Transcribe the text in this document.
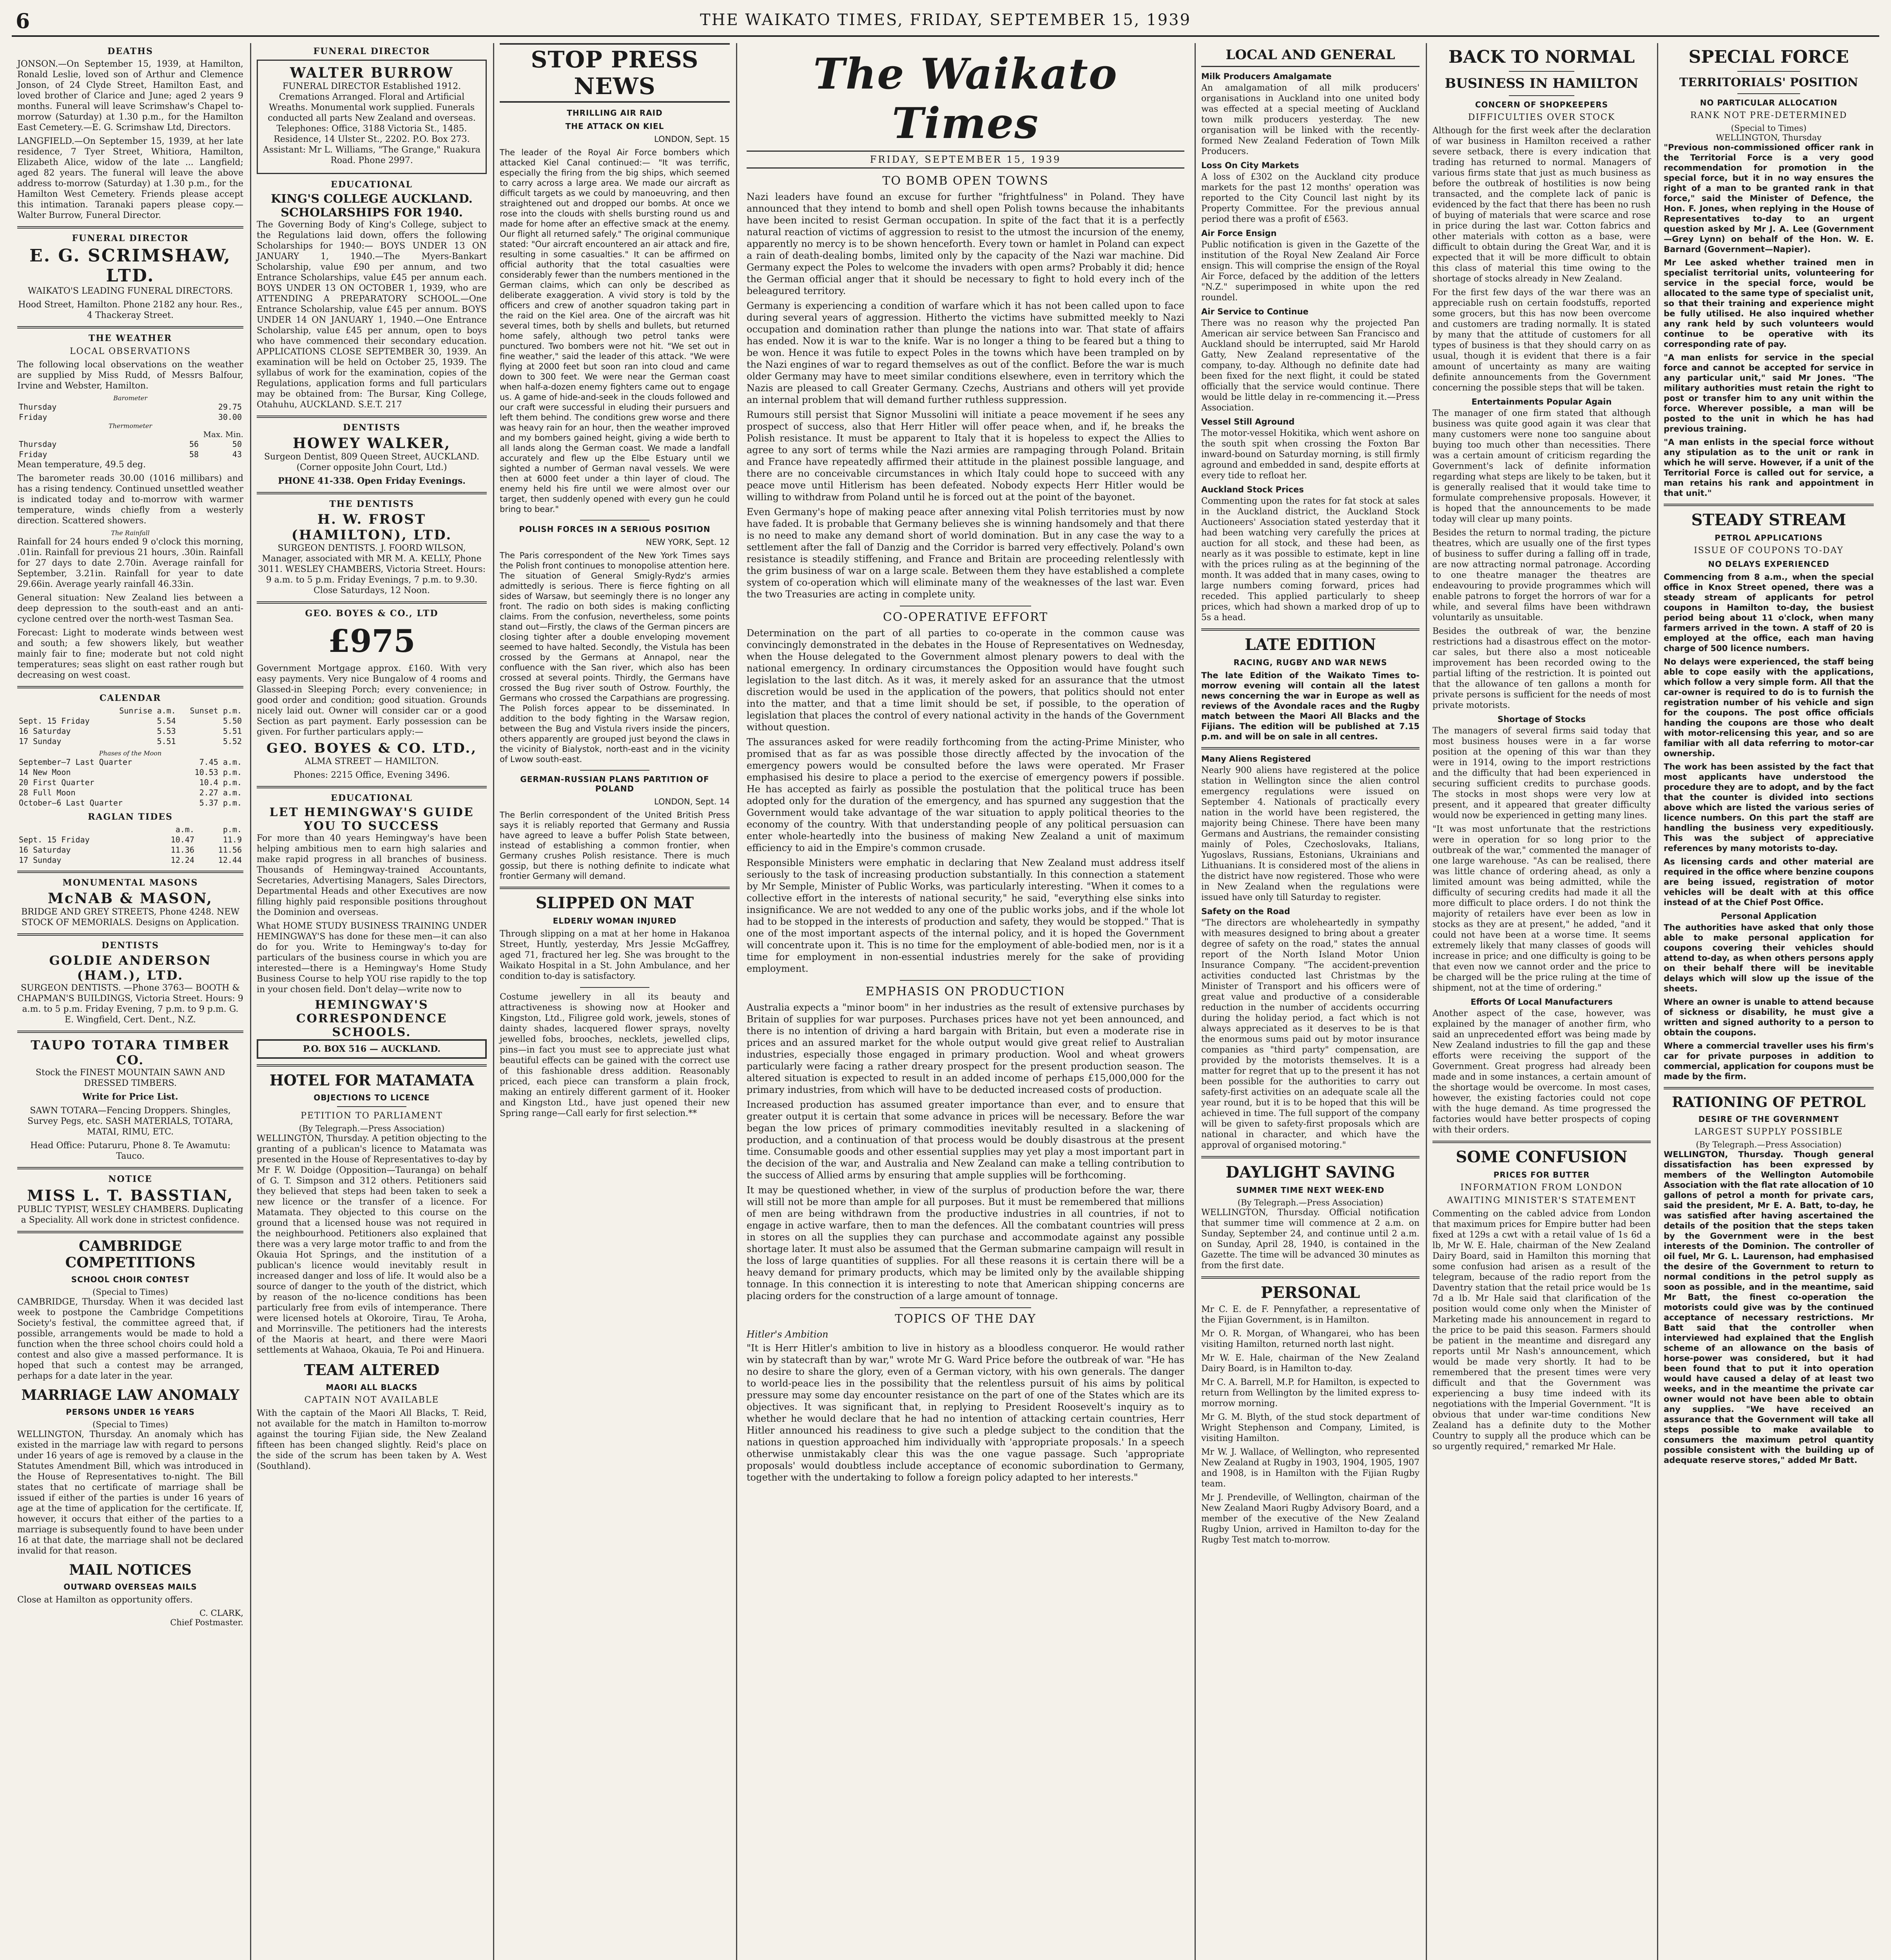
6	THE WAIKATO TIMES, FRIDAY, SEPTEMBER 15, 1939
DEATHS

JONSON.—On September 15, 1939, at Hamilton, Ronald Leslie, loved son of Arthur and Clemence Jonson, of 24 Clyde Street, Hamilton East, and loved brother of Clarice and June; aged 2 years 9 months. Funeral will leave Scrimshaw's Chapel to-morrow (Saturday) at 1.30 p.m., for the Hamilton East Cemetery.—E. G. Scrimshaw Ltd, Directors.

LANGFIELD.—On September 15, 1939, at her late residence, 7 Tyer Street, Whitiora, Hamilton, Elizabeth Alice, widow of the late ... Langfield; aged 82 years. The funeral will leave the above address to-morrow (Saturday) at 1.30 p.m., for the Hamilton West Cemetery. Friends please accept this intimation. Taranaki papers please copy.—Walter Burrow, Funeral Director.

FUNERAL DIRECTOR
E. G. SCRIMSHAW, LTD.

WAIKATO'S LEADING FUNERAL DIRECTORS.

Hood Street, Hamilton. Phone 2182 any hour. Res., 4 Thackeray Street.

THE WEATHER
LOCAL OBSERVATIONS

The following local observations on the weather are supplied by Miss Rudd, of Messrs Balfour, Irvine and Webster, Hamilton.

Barometer
Thursday	29.75
Friday	30.00
Thermometer
Max. Min.
Thursday	56	50
Friday	58	43

Mean temperature, 49.5 deg.

The barometer reads 30.00 (1016 millibars) and has a rising tendency. Continued unsettled weather is indicated today and to-morrow with warmer temperature, winds chiefly from a westerly direction. Scattered showers.

The Rainfall

Rainfall for 24 hours ended 9 o'clock this morning, .01in. Rainfall for previous 21 hours, .30in. Rainfall for 27 days to date 2.70in. Average rainfall for September, 3.21in. Rainfall for year to date 29.66in. Average yearly rainfall 46.33in.

General situation: New Zealand lies between a deep depression to the south-east and an anti-cyclone centred over the north-west Tasman Sea.

Forecast: Light to moderate winds between west and south; a few showers likely, but weather mainly fair to fine; moderate but not cold night temperatures; seas slight on east rather rough but decreasing on west coast.

CALENDAR
	Sunrise a.m.	Sunset p.m.
Sept. 15 Friday	5.54	5.50
16 Saturday	5.53	5.51
17 Sunday	5.51	5.52
Phases of the Moon
September—7 Last Quarter	7.45 a.m.
14 New Moon	10.53 p.m.
20 First Quarter	10.4 p.m.
28 Full Moon	2.27 a.m.
October—6 Last Quarter	5.37 p.m.
RAGLAN TIDES
	a.m.	p.m.
Sept. 15 Friday	10.47	11.9
16 Saturday	11.36	11.56
17 Sunday	12.24	12.44
MONUMENTAL MASONS
McNAB & MASON,

BRIDGE AND GREY STREETS, Phone 4248. NEW STOCK OF MEMORIALS. Designs on Application.

DENTISTS
GOLDIE ANDERSON (HAM.), LTD.

SURGEON DENTISTS. —Phone 3763— BOOTH & CHAPMAN'S BUILDINGS, Victoria Street. Hours: 9 a.m. to 5 p.m. Friday Evening, 7 p.m. to 9 p.m. G. E. Wingfield, Cert. Dent., N.Z.

TAUPO TOTARA TIMBER CO.

Stock the FINEST MOUNTAIN SAWN AND DRESSED TIMBERS.

Write for Price List.

SAWN TOTARA—Fencing Droppers. Shingles, Survey Pegs, etc. SASH MATERIALS, TOTARA, MATAI, RIMU, ETC.

Head Office: Putaruru, Phone 8. Te Awamutu: Tauco.

NOTICE
MISS L. T. BASSTIAN,

PUBLIC TYPIST, WESLEY CHAMBERS. Duplicating a Speciality. All work done in strictest confidence.

CAMBRIDGE COMPETITIONS
SCHOOL CHOIR CONTEST
(Special to Times)

CAMBRIDGE, Thursday. When it was decided last week to postpone the Cambridge Competitions Society's festival, the committee agreed that, if possible, arrangements would be made to hold a function when the three school choirs could hold a contest and also give a massed performance. It is hoped that such a contest may be arranged, perhaps for a date later in the year.

MARRIAGE LAW ANOMALY
PERSONS UNDER 16 YEARS
(Special to Times)

WELLINGTON, Thursday. An anomaly which has existed in the marriage law with regard to persons under 16 years of age is removed by a clause in the Statutes Amendment Bill, which was introduced in the House of Representatives to-night. The Bill states that no certificate of marriage shall be issued if either of the parties is under 16 years of age at the time of application for the certificate. If, however, it occurs that either of the parties to a marriage is subsequently found to have been under 16 at that date, the marriage shall not be declared invalid for that reason.

MAIL NOTICES
OUTWARD OVERSEAS MAILS

Close at Hamilton as opportunity offers.

C. CLARK,
Chief Postmaster.
FUNERAL DIRECTOR
WALTER BURROW

FUNERAL DIRECTOR Established 1912. Cremations Arranged. Floral and Artificial Wreaths. Monumental work supplied. Funerals conducted all parts New Zealand and overseas. Telephones: Office, 3188 Victoria St., 1485. Residence, 14 Ulster St., 2202. P.O. Box 273. Assistant: Mr L. Williams, "The Grange," Ruakura Road. Phone 2997.

EDUCATIONAL
KING'S COLLEGE AUCKLAND. SCHOLARSHIPS FOR 1940.

The Governing Body of King's College, subject to the Regulations laid down, offers the following Scholarships for 1940:— BOYS UNDER 13 ON JANUARY 1, 1940.—The Myers-Bankart Scholarship, value £90 per annum, and two Entrance Scholarships, value £45 per annum each. BOYS UNDER 13 ON OCTOBER 1, 1939, who are ATTENDING A PREPARATORY SCHOOL.—One Entrance Scholarship, value £45 per annum. BOYS UNDER 14 ON JANUARY 1, 1940.—One Entrance Scholarship, value £45 per annum, open to boys who have commenced their secondary education. APPLICATIONS CLOSE SEPTEMBER 30, 1939. An examination will be held on October 25, 1939. The syllabus of work for the examination, copies of the Regulations, application forms and full particulars may be obtained from: The Bursar, King College, Otahuhu, AUCKLAND. S.E.T. 217

DENTISTS
HOWEY WALKER,

Surgeon Dentist, 809 Queen Street, AUCKLAND. (Corner opposite John Court, Ltd.)

PHONE 41-338. Open Friday Evenings.

THE DENTISTS
H. W. FROST (HAMILTON), LTD.

SURGEON DENTISTS. J. FOORD WILSON, Manager, associated with MR M. A. KELLY, Phone 3011. WESLEY CHAMBERS, Victoria Street. Hours: 9 a.m. to 5 p.m. Friday Evenings, 7 p.m. to 9.30. Close Saturdays, 12 Noon.

GEO. BOYES & CO., LTD
£975

Government Mortgage approx. £160. With very easy payments. Very nice Bungalow of 4 rooms and Glassed-in Sleeping Porch; every convenience; in good order and condition; good situation. Grounds nicely laid out. Owner will consider car or a good Section as part payment. Early possession can be given. For further particulars apply:—

GEO. BOYES & CO. LTD.,

ALMA STREET — HAMILTON.

Phones: 2215 Office, Evening 3496.

EDUCATIONAL
LET HEMINGWAY'S GUIDE YOU TO SUCCESS

For more than 40 years Hemingway's have been helping ambitious men to earn high salaries and make rapid progress in all branches of business. Thousands of Hemingway-trained Accountants, Secretaries, Advertising Managers, Sales Directors, Departmental Heads and other Executives are now filling highly paid responsible positions throughout the Dominion and overseas.

What HOME STUDY BUSINESS TRAINING UNDER HEMINGWAY'S has done for these men—it can also do for you. Write to Hemingway's to-day for particulars of the business course in which you are interested—there is a Hemingway's Home Study Business Course to help YOU rise rapidly to the top in your chosen field. Don't delay—write now to

HEMINGWAY'S CORRESPONDENCE SCHOOLS.
P.O. BOX 516 — AUCKLAND.
HOTEL FOR MATAMATA
OBJECTIONS TO LICENCE
PETITION TO PARLIAMENT
(By Telegraph.—Press Association)

WELLINGTON, Thursday. A petition objecting to the granting of a publican's licence to Matamata was presented in the House of Representatives to-day by Mr F. W. Doidge (Opposition—Tauranga) on behalf of G. T. Simpson and 312 others. Petitioners said they believed that steps had been taken to seek a new licence or the transfer of a licence. For Matamata. They objected to this course on the ground that a licensed house was not required in the neighbourhood. Petitioners also explained that there was a very large motor traffic to and from the Okauia Hot Springs, and the institution of a publican's licence would inevitably result in increased danger and loss of life. It would also be a source of danger to the youth of the district, which by reason of the no-licence conditions has been particularly free from evils of intemperance. There were licensed hotels at Okoroire, Tirau, Te Aroha, and Morrinsville. The petitioners had the interests of the Maoris at heart, and there were Maori settlements at Wahaoa, Okauia, Te Poi and Hinuera.

TEAM ALTERED
MAORI ALL BLACKS
CAPTAIN NOT AVAILABLE

With the captain of the Maori All Blacks, T. Reid, not available for the match in Hamilton to-morrow against the touring Fijian side, the New Zealand fifteen has been changed slightly. Reid's place on the side of the scrum has been taken by A. West (Southland).

STOP PRESS NEWS
THRILLING AIR RAID
THE ATTACK ON KIEL
LONDON, Sept. 15

The leader of the Royal Air Force bombers which attacked Kiel Canal continued:— "It was terrific, especially the firing from the big ships, which seemed to carry across a large area. We made our aircraft as difficult targets as we could by manoeuvring, and then straightened out and dropped our bombs. At once we rose into the clouds with shells bursting round us and made for home after an effective smack at the enemy. Our flight all returned safely." The original communique stated: "Our aircraft encountered an air attack and fire, resulting in some casualties." It can be affirmed on official authority that the total casualties were considerably fewer than the numbers mentioned in the German claims, which can only be described as deliberate exaggeration. A vivid story is told by the officers and crew of another squadron taking part in the raid on the Kiel area. One of the aircraft was hit several times, both by shells and bullets, but returned home safely, although two petrol tanks were punctured. Two bombers were not hit. "We set out in fine weather," said the leader of this attack. "We were flying at 2000 feet but soon ran into cloud and came down to 300 feet. We were near the German coast when half-a-dozen enemy fighters came out to engage us. A game of hide-and-seek in the clouds followed and our craft were successful in eluding their pursuers and left them behind. The conditions grew worse and there was heavy rain for an hour, then the weather improved and my bombers gained height, giving a wide berth to all lands along the German coast. We made a landfall accurately and flew up the Elbe Estuary until we sighted a number of German naval vessels. We were then at 6000 feet under a thin layer of cloud. The enemy held his fire until we were almost over our target, then suddenly opened with every gun he could bring to bear."

POLISH FORCES IN A SERIOUS POSITION
NEW YORK, Sept. 12

The Paris correspondent of the New York Times says the Polish front continues to monopolise attention here. The situation of General Smigly-Rydz's armies admittedly is serious. There is fierce fighting on all sides of Warsaw, but seemingly there is no longer any front. The radio on both sides is making conflicting claims. From the confusion, nevertheless, some points stand out—Firstly, the claws of the German pincers are closing tighter after a double enveloping movement seemed to have halted. Secondly, the Vistula has been crossed by the Germans at Annapol, near the confluence with the San river, which also has been crossed at several points. Thirdly, the Germans have crossed the Bug river south of Ostrow. Fourthly, the Germans who crossed the Carpathians are progressing. The Polish forces appear to be disseminated. In addition to the body fighting in the Warsaw region, between the Bug and Vistula rivers inside the pincers, others apparently are grouped just beyond the claws in the vicinity of Bialystok, north-east and in the vicinity of Lwow south-east.

GERMAN-RUSSIAN PLANS PARTITION OF POLAND
LONDON, Sept. 14

The Berlin correspondent of the United British Press says it is reliably reported that Germany and Russia have agreed to leave a buffer Polish State between, instead of establishing a common frontier, when Germany crushes Polish resistance. There is much gossip, but there is nothing definite to indicate what frontier Germany will demand.

SLIPPED ON MAT
ELDERLY WOMAN INJURED

Through slipping on a mat at her home in Hakanoa Street, Huntly, yesterday, Mrs Jessie McGaffrey, aged 71, fractured her leg. She was brought to the Waikato Hospital in a St. John Ambulance, and her condition to-day is satisfactory.

Costume jewellery in all its beauty and attractiveness is showing now at Hooker and Kingston, Ltd., Filigree gold work, jewels, stones of dainty shades, lacquered flower sprays, novelty jewelled fobs, brooches, necklets, jewelled clips, pins—in fact you must see to appreciate just what beautiful effects can be gained with the correct use of this fashionable dress addition. Reasonably priced, each piece can transform a plain frock, making an entirely different garment of it. Hooker and Kingston Ltd., have just opened their new Spring range—Call early for first selection.**

The Waikato Times
FRIDAY, SEPTEMBER 15, 1939
TO BOMB OPEN TOWNS

Nazi leaders have found an excuse for further "frightfulness" in Poland. They have announced that they intend to bomb and shell open Polish towns because the inhabitants have been incited to resist German occupation. In spite of the fact that it is a perfectly natural reaction of victims of aggression to resist to the utmost the incursion of the enemy, apparently no mercy is to be shown henceforth. Every town or hamlet in Poland can expect a rain of death-dealing bombs, limited only by the capacity of the Nazi war machine. Did Germany expect the Poles to welcome the invaders with open arms? Probably it did; hence the German official anger that it should be necessary to fight to hold every inch of the beleagured territory.

Germany is experiencing a condition of warfare which it has not been called upon to face during several years of aggression. Hitherto the victims have submitted meekly to Nazi occupation and domination rather than plunge the nations into war. That state of affairs has ended. Now it is war to the knife. War is no longer a thing to be feared but a thing to be won. Hence it was futile to expect Poles in the towns which have been trampled on by the Nazi engines of war to regard themselves as out of the conflict. Before the war is much older Germany may have to meet similar conditions elsewhere, even in territory which the Nazis are pleased to call Greater Germany. Czechs, Austrians and others will yet provide an internal problem that will demand further ruthless suppression.

Rumours still persist that Signor Mussolini will initiate a peace movement if he sees any prospect of success, also that Herr Hitler will offer peace when, and if, he breaks the Polish resistance. It must be apparent to Italy that it is hopeless to expect the Allies to agree to any sort of terms while the Nazi armies are rampaging through Poland. Britain and France have repeatedly affirmed their attitude in the plainest possible language, and there are no conceivable circumstances in which Italy could hope to succeed with any peace move until Hitlerism has been defeated. Nobody expects Herr Hitler would be willing to withdraw from Poland until he is forced out at the point of the bayonet.

Even Germany's hope of making peace after annexing vital Polish territories must by now have faded. It is probable that Germany believes she is winning handsomely and that there is no need to make any demand short of world domination. But in any case the way to a settlement after the fall of Danzig and the Corridor is barred very effectively. Poland's own resistance is steadily stiffening, and France and Britain are proceeding relentlessly with the grim business of war on a large scale. Between them they have established a complete system of co-operation which will eliminate many of the weaknesses of the last war. Even the two Treasuries are acting in complete unity.

CO-OPERATIVE EFFORT

Determination on the part of all parties to co-operate in the common cause was convincingly demonstrated in the debates in the House of Representatives on Wednesday, when the House delegated to the Government almost plenary powers to deal with the national emergency. In ordinary circumstances the Opposition would have fought such legislation to the last ditch. As it was, it merely asked for an assurance that the utmost discretion would be used in the application of the powers, that politics should not enter into the matter, and that a time limit should be set, if possible, to the operation of legislation that places the control of every national activity in the hands of the Government without question.

The assurances asked for were readily forthcoming from the acting-Prime Minister, who promised that as far as was possible those directly affected by the invocation of the emergency powers would be consulted before the laws were operated. Mr Fraser emphasised his desire to place a period to the exercise of emergency powers if possible. He has accepted as fairly as possible the postulation that the political truce has been adopted only for the duration of the emergency, and has spurned any suggestion that the Government would take advantage of the war situation to apply political theories to the economy of the country. With that understanding people of any political persuasion can enter whole-heartedly into the business of making New Zealand a unit of maximum efficiency to aid in the Empire's common crusade.

Responsible Ministers were emphatic in declaring that New Zealand must address itself seriously to the task of increasing production substantially. In this connection a statement by Mr Semple, Minister of Public Works, was particularly interesting. "When it comes to a collective effort in the interests of national security," he said, "everything else sinks into insignificance. We are not wedded to any one of the public works jobs, and if the whole lot had to be stopped in the interests of production and safety, they would be stopped." That is one of the most important aspects of the internal policy, and it is hoped the Government will concentrate upon it. This is no time for the employment of able-bodied men, nor is it a time for employment in non-essential industries merely for the sake of providing employment.

EMPHASIS ON PRODUCTION

Australia expects a "minor boom" in her industries as the result of extensive purchases by Britain of supplies for war purposes. Purchases prices have not yet been announced, and there is no intention of driving a hard bargain with Britain, but even a moderate rise in prices and an assured market for the whole output would give great relief to Australian industries, especially those engaged in primary production. Wool and wheat growers particularly were facing a rather dreary prospect for the present production season. The altered situation is expected to result in an added income of perhaps £15,000,000 for the primary industries, from which will have to be deducted increased costs of production.

Increased production has assumed greater importance than ever, and to ensure that greater output it is certain that some advance in prices will be necessary. Before the war began the low prices of primary commodities inevitably resulted in a slackening of production, and a continuation of that process would be doubly disastrous at the present time. Consumable goods and other essential supplies may yet play a most important part in the decision of the war, and Australia and New Zealand can make a telling contribution to the success of Allied arms by ensuring that ample supplies will be forthcoming.

It may be questioned whether, in view of the surplus of production before the war, there will still not be more than ample for all purposes. But it must be remembered that millions of men are being withdrawn from the productive industries in all countries, if not to engage in active warfare, then to man the defences. All the combatant countries will press in stores on all the supplies they can purchase and accommodate against any possible shortage later. It must also be assumed that the German submarine campaign will result in the loss of large quantities of supplies. For all these reasons it is certain there will be a heavy demand for primary products, which may be limited only by the available shipping tonnage. In this connection it is interesting to note that American shipping concerns are placing orders for the construction of a large amount of tonnage.

TOPICS OF THE DAY
Hitler's Ambition

"It is Herr Hitler's ambition to live in history as a bloodless conqueror. He would rather win by statecraft than by war," wrote Mr G. Ward Price before the outbreak of war. "He has no desire to share the glory, even of a German victory, with his own generals. The danger to world-peace lies in the possibility that the relentless pursuit of his aims by political pressure may some day encounter resistance on the part of one of the States which are its objectives. It was significant that, in replying to President Roosevelt's inquiry as to whether he would declare that he had no intention of attacking certain countries, Herr Hitler announced his readiness to give such a pledge subject to the condition that the nations in question approached him individually with 'appropriate proposals.' In a speech otherwise unmistakably clear this was the one vague passage. Such 'appropriate proposals' would doubtless include acceptance of economic subordination to Germany, together with the undertaking to follow a foreign policy adapted to her interests."

LOCAL AND GENERAL
Milk Producers Amalgamate

An amalgamation of all milk producers' organisations in Auckland into one united body was effected at a special meeting of Auckland town milk producers yesterday. The new organisation will be linked with the recently-formed New Zealand Federation of Town Milk Producers.

Loss On City Markets

A loss of £302 on the Auckland city produce markets for the past 12 months' operation was reported to the City Council last night by its Property Committee. For the previous annual period there was a profit of £563.

Air Force Ensign

Public notification is given in the Gazette of the institution of the Royal New Zealand Air Force ensign. This will comprise the ensign of the Royal Air Force, defaced by the addition of the letters "N.Z." superimposed in white upon the red roundel.

Air Service to Continue

There was no reason why the projected Pan American air service between San Francisco and Auckland should be interrupted, said Mr Harold Gatty, New Zealand representative of the company, to-day. Although no definite date had been fixed for the next flight, it could be stated officially that the service would continue. There would be little delay in re-commencing it.—Press Association.

Vessel Still Aground

The motor-vessel Hokitika, which went ashore on the south spit when crossing the Foxton Bar inward-bound on Saturday morning, is still firmly aground and embedded in sand, despite efforts at every tide to refloat her.

Auckland Stock Prices

Commenting upon the rates for fat stock at sales in the Auckland district, the Auckland Stock Auctioneers' Association stated yesterday that it had been watching very carefully the prices at auction for all stock, and these had been, as nearly as it was possible to estimate, kept in line with the prices ruling as at the beginning of the month. It was added that in many cases, owing to large numbers coming forward, prices had receded. This applied particularly to sheep prices, which had shown a marked drop of up to 5s a head.

LATE EDITION
RACING, RUGBY AND WAR NEWS

The late Edition of the Waikato Times to-morrow evening will contain all the latest news concerning the war in Europe as well as reviews of the Avondale races and the Rugby match between the Maori All Blacks and the Fijians. The edition will be published at 7.15 p.m. and will be on sale in all centres.

Many Aliens Registered

Nearly 900 aliens have registered at the police station in Wellington since the alien control emergency regulations were issued on September 4. Nationals of practically every nation in the world have been registered, the majority being Chinese. There have been many Germans and Austrians, the remainder consisting mainly of Poles, Czechoslovaks, Italians, Yugoslavs, Russians, Estonians, Ukrainians and Lithuanians. It is considered most of the aliens in the district have now registered. Those who were in New Zealand when the regulations were issued have only till Saturday to register.

Safety on the Road

"The directors are wholeheartedly in sympathy with measures designed to bring about a greater degree of safety on the road," states the annual report of the North Island Motor Union Insurance Company. "The accident-prevention activities conducted last Christmas by the Minister of Transport and his officers were of great value and productive of a considerable reduction in the number of accidents occurring during the holiday period, a fact which is not always appreciated as it deserves to be is that the enormous sums paid out by motor insurance companies as "third party" compensation, are provided by the motorists themselves. It is a matter for regret that up to the present it has not been possible for the authorities to carry out safety-first activities on an adequate scale all the year round, but it is to be hoped that this will be achieved in time. The full support of the company will be given to safety-first proposals which are national in character, and which have the approval of organised motoring."

DAYLIGHT SAVING
SUMMER TIME NEXT WEEK-END
(By Telegraph.—Press Association)

WELLINGTON, Thursday. Official notification that summer time will commence at 2 a.m. on Sunday, September 24, and continue until 2 a.m. on Sunday, April 28, 1940, is contained in the Gazette. The time will be advanced 30 minutes as from the first date.

PERSONAL

Mr C. E. de F. Pennyfather, a representative of the Fijian Government, is in Hamilton.

Mr O. R. Morgan, of Whangarei, who has been visiting Hamilton, returned north last night.

Mr W. E. Hale, chairman of the New Zealand Dairy Board, is in Hamilton to-day.

Mr C. A. Barrell, M.P. for Hamilton, is expected to return from Wellington by the limited express to-morrow morning.

Mr G. M. Blyth, of the stud stock department of Wright Stephenson and Company, Limited, is visiting Hamilton.

Mr W. J. Wallace, of Wellington, who represented New Zealand at Rugby in 1903, 1904, 1905, 1907 and 1908, is in Hamilton with the Fijian Rugby team.

Mr J. Prendeville, of Wellington, chairman of the New Zealand Maori Rugby Advisory Board, and a member of the executive of the New Zealand Rugby Union, arrived in Hamilton to-day for the Rugby Test match to-morrow.

BACK TO NORMAL
BUSINESS IN HAMILTON
CONCERN OF SHOPKEEPERS
DIFFICULTIES OVER STOCK

Although for the first week after the declaration of war business in Hamilton received a rather severe setback, there is every indication that trading has returned to normal. Managers of various firms state that just as much business as before the outbreak of hostilities is now being transacted, and the complete lack of panic is evidenced by the fact that there has been no rush of buying of materials that were scarce and rose in price during the last war. Cotton fabrics and other materials with cotton as a base, were difficult to obtain during the Great War, and it is expected that it will be more difficult to obtain this class of material this time owing to the shortage of stocks already in New Zealand.

For the first few days of the war there was an appreciable rush on certain foodstuffs, reported some grocers, but this has now been overcome and customers are trading normally. It is stated by many that the attitude of customers for all types of business is that they should carry on as usual, though it is evident that there is a fair amount of uncertainty as many are waiting definite announcements from the Government concerning the possible steps that will be taken.

Entertainments Popular Again

The manager of one firm stated that although business was quite good again it was clear that many customers were none too sanguine about buying too much other than necessities. There was a certain amount of criticism regarding the Government's lack of definite information regarding what steps are likely to be taken, but it is generally realised that it would take time to formulate comprehensive proposals. However, it is hoped that the announcements to be made today will clear up many points.

Besides the return to normal trading, the picture theatres, which are usually one of the first types of business to suffer during a falling off in trade, are now attracting normal patronage. According to one theatre manager the theatres are endeavouring to provide programmes which will enable patrons to forget the horrors of war for a while, and several films have been withdrawn voluntarily as unsuitable.

Besides the outbreak of war, the benzine restrictions had a disastrous effect on the motor-car sales, but there also a most noticeable improvement has been recorded owing to the partial lifting of the restriction. It is pointed out that the allowance of ten gallons a month for private persons is sufficient for the needs of most private motorists.

Shortage of Stocks

The managers of several firms said today that most business houses were in a far worse position at the opening of this war than they were in 1914, owing to the import restrictions and the difficulty that had been experienced in securing sufficient credits to purchase goods. The stocks in most shops were very low at present, and it appeared that greater difficulty would now be experienced in getting many lines.

"It was most unfortunate that the restrictions were in operation for so long prior to the outbreak of the war," commented the manager of one large warehouse. "As can be realised, there was little chance of ordering ahead, as only a limited amount was being admitted, while the difficulty of securing credits had made it all the more difficult to place orders. I do not think the majority of retailers have ever been as low in stocks as they are at present," he added, "and it could not have been at a worse time. It seems extremely likely that many classes of goods will increase in price; and one difficulty is going to be that even now we cannot order and the price to be charged will be the price ruling at the time of shipment, not at the time of ordering."

Efforts Of Local Manufacturers

Another aspect of the case, however, was explained by the manager of another firm, who said an unprecedented effort was being made by New Zealand industries to fill the gap and these efforts were receiving the support of the Government. Great progress had already been made and in some instances, a certain amount of the shortage would be overcome. In most cases, however, the existing factories could not cope with the huge demand. As time progressed the factories would have better prospects of coping with their orders.

SOME CONFUSION
PRICES FOR BUTTER
INFORMATION FROM LONDON
AWAITING MINISTER'S STATEMENT

Commenting on the cabled advice from London that maximum prices for Empire butter had been fixed at 129s a cwt with a retail value of 1s 6d a lb, Mr W. E. Hale, chairman of the New Zealand Dairy Board, said in Hamilton this morning that some confusion had arisen as a result of the telegram, because of the radio report from the Daventry station that the retail price would be 1s 7d a lb. Mr Hale said that clarification of the position would come only when the Minister of Marketing made his announcement in regard to the price to be paid this season. Farmers should be patient in the meantime and disregard any reports until Mr Nash's announcement, which would be made very shortly. It had to be remembered that the present times were very difficult and that the Government was experiencing a busy time indeed with its negotiations with the Imperial Government. "It is obvious that under war-time conditions New Zealand has a definite duty to the Mother Country to supply all the produce which can be so urgently required," remarked Mr Hale.

SPECIAL FORCE
TERRITORIALS' POSITION
NO PARTICULAR ALLOCATION
RANK NOT PRE-DETERMINED
(Special to Times)
WELLINGTON, Thursday

"Previous non-commissioned officer rank in the Territorial Force is a very good recommendation for promotion in the special force, but it in no way ensures the right of a man to be granted rank in that force," said the Minister of Defence, the Hon. F. Jones, when replying in the House of Representatives to-day to an urgent question asked by Mr J. A. Lee (Government—Grey Lynn) on behalf of the Hon. W. E. Barnard (Government—Napier).

Mr Lee asked whether trained men in specialist territorial units, volunteering for service in the special force, would be allocated to the same type of specialist unit, so that their training and experience might be fully utilised. He also inquired whether any rank held by such volunteers would continue to be operative with its corresponding rate of pay.

"A man enlists for service in the special force and cannot be accepted for service in any particular unit," said Mr Jones. "The military authorities must retain the right to post or transfer him to any unit within the force. Wherever possible, a man will be posted to the unit in which he has had previous training.

"A man enlists in the special force without any stipulation as to the unit or rank in which he will serve. However, if a unit of the Territorial Force is called out for service, a man retains his rank and appointment in that unit."

STEADY STREAM
PETROL APPLICATIONS
ISSUE OF COUPONS TO-DAY
NO DELAYS EXPERIENCED

Commencing from 8 a.m., when the special office in Knox Street opened, there was a steady stream of applicants for petrol coupons in Hamilton to-day, the busiest period being about 11 o'clock, when many farmers arrived in the town. A staff of 20 is employed at the office, each man having charge of 500 licence numbers.

No delays were experienced, the staff being able to cope easily with the applications, which follow a very simple form. All that the car-owner is required to do is to furnish the registration number of his vehicle and sign for the coupons. The post office officials handing the coupons are those who dealt with motor-relicensing this year, and so are familiar with all data referring to motor-car ownership.

The work has been assisted by the fact that most applicants have understood the procedure they are to adopt, and by the fact that the counter is divided into sections above which are listed the various series of licence numbers. On this part the staff are handling the business very expeditiously. This was the subject of appreciative references by many motorists to-day.

As licensing cards and other material are required in the office where benzine coupons are being issued, registration of motor vehicles will be dealt with at this office instead of at the Chief Post Office.

Personal Application

The authorities have asked that only those able to make personal application for coupons covering their vehicles should attend to-day, as when others persons apply on their behalf there will be inevitable delays which will slow up the issue of the sheets.

Where an owner is unable to attend because of sickness or disability, he must give a written and signed authority to a person to obtain the coupons.

Where a commercial traveller uses his firm's car for private purposes in addition to commercial, application for coupons must be made by the firm.

RATIONING OF PETROL
DESIRE OF THE GOVERNMENT
LARGEST SUPPLY POSSIBLE
(By Telegraph.—Press Association)

WELLINGTON, Thursday. Though general dissatisfaction has been expressed by members of the Wellington Automobile Association with the flat rate allocation of 10 gallons of petrol a month for private cars, said the president, Mr E. A. Batt, to-day, he was satisfied after having ascertained the details of the position that the steps taken by the Government were in the best interests of the Dominion. The controller of oil fuel, Mr G. L. Laurenson, had emphasised the desire of the Government to return to normal conditions in the petrol supply as soon as possible, and in the meantime, said Mr Batt, the finest co-operation the motorists could give was by the continued acceptance of necessary restrictions. Mr Batt said that the controller when interviewed had explained that the English scheme of an allowance on the basis of horse-power was considered, but it had been found that to put it into operation would have caused a delay of at least two weeks, and in the meantime the private car owner would not have been able to obtain any supplies. "We have received an assurance that the Government will take all steps possible to make available to consumers the maximum petrol quantity possible consistent with the building up of adequate reserve stores," added Mr Batt.
